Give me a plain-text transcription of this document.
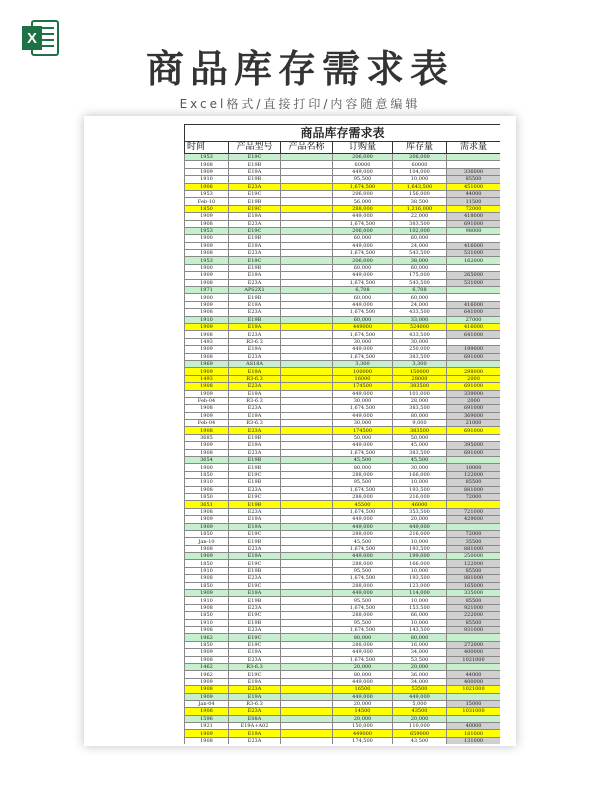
X
商品库存需求表
Excel格式/直接打印/内容随意编辑
商品库存需求表					
时间	产品型号	产品名称	订购量	库存量	需求量
1953	E19C		206,000	206,000	
1908	E19B		60000	60000	
1909	E19A		449,000	104,000	336000
1910	E19B		95,500	10,000	85500
1908	E23A		1,674,500	1,643,500	451000
1953	E19C		206,000	156,000	44000
Feb-10	E19B		56,000	38,500	11500
1850	E19C		288,000	1,216,000	72000
1909	E19A		449,000	22,000	418000
1908	E23A		1,674,500	383,500	691000
1953	E19C		206,000	102,000	98000
1900	E19B		60,000	60,000	
1909	E19A		449,000	24,000	416000
1908	E23A		1,674,500	543,500	531000
1953	E19C		206,000	38,000	162000
1900	E19B		60,000	60,000	
1909	E19A		449,000	175,000	265000
1908	E23A		1,674,500	543,500	531000
1971	APS2X1		6,708	6,708	
1900	E19B		60,000	60,000	
1909	E19A		449,000	24,000	416000
1908	E23A		1,674,500	433,500	641000
1910	E19B		60,000	33,000	27000
1909	E19A		449000	524000	416000
1908	E23A		1,674,500	433,500	641000
1493	R3-6.3		30,000	30,000	
1909	E19A		449,000	250,000	199000
1908	E23A		1,674,500	383,500	691000
1969	AS18A		3,300	3,300	
1909	E19A		100000	150000	298000
1493	R3-6.3		16000	28000	2000
1908	E23A		174500	383500	691000
1909	E19A		449,000	101,000	339000
Feb-04	R3-6.3		30,000	28,000	2000
1908	E23A		1,674,500	383,500	691000
1909	E19A		449,000	80,000	369000
Feb-04	R3-6.3		30,000	9,000	21000
1908	E23A		174500	383500	691000
3685	E19B		50,000	50,000	
1909	E19A		449,000	45,000	395000
1908	E23A		1,674,500	383,500	691000
3654	E19B		45,500	45,500	
1900	E19B		80,000	30,000	10000
1850	E19C		288,000	166,000	122000
1910	E19B		95,500	10,000	85500
1908	E23A		1,674,500	193,500	881000
1850	E19C		288,000	216,000	72000
3651	E19B		45500	46000	
1908	E23A		1,674,500	353,500	721000
1909	E19A		449,000	20,000	429000
1909	E19A		449,000	449,000	
1850	E19C		288,000	216,000	72000
Jan-10	E19B		45,500	10,000	35500
1908	E23A		1,674,500	193,500	881000
1909	E19A		449,000	199,000	250000
1850	E19C		288,000	166,000	122000
1910	E19B		95,500	10,000	85500
1908	E23A		1,674,500	193,500	881000
1850	E19C		288,000	123,000	165000
1909	E19A		449,000	114,000	335000
1910	E19B		95,500	10,000	85500
1908	E23A		1,674,500	153,500	921000
1850	E19C		288,000	66,000	222000
1910	E19B		95,500	10,000	85500
1908	E23A		1,674,500	143,500	931000
1962	E19C		80,000	80,000	
1850	E19C		288,000	16,000	272000
1909	E19A		449,000	34,000	400000
1908	E23A		1,674,500	53,500	1021000
1462	R3-6.3		20,000	20,000	
1962	E19C		80,000	36,000	44000
1909	E19A		449,000	34,000	400000
1908	E23A		16500	53500	1021000
1909	E19A		449,000	449,000	
Jan-04	R3-6.3		20,000	5,000	15000
1908	E23A		14500	43500	1031000
1596	E08A		20,000	20,000	
1921	E19A+A02		150,000	110,000	40000
1909	E19A		449000	659000	181000
1908	E23A		174,500	43,500	131000
